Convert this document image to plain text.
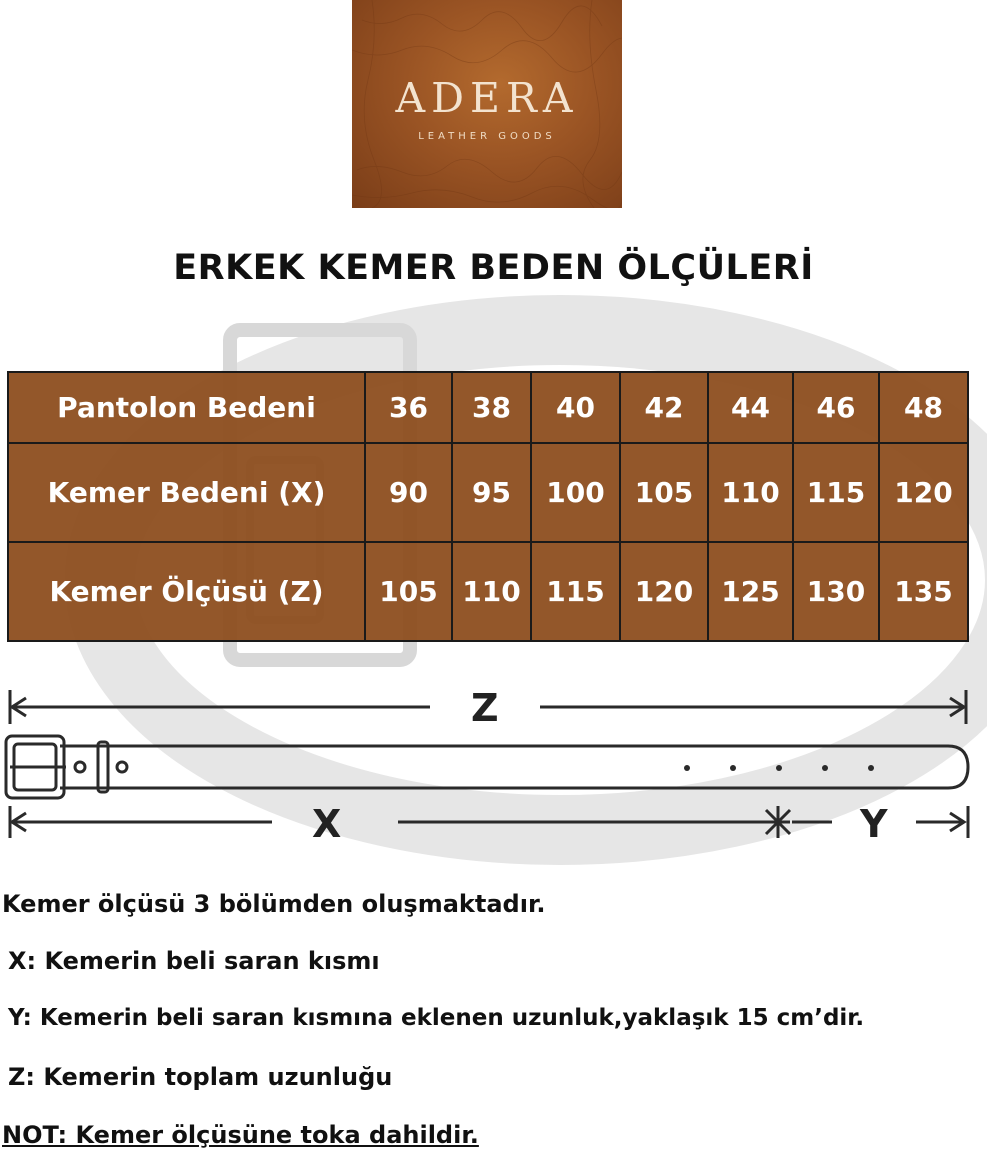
ADERA
LEATHER GOODS
ERKEK KEMER BEDEN ÖLÇÜLERİ
Pantolon Bedeni	36	38	40	42	44	46	48
Kemer Bedeni (X)	90	95	100	105	110	115	120
Kemer Ölçüsü (Z)	105	110	115	120	125	130	135
Z
X	Y
Kemer ölçüsü 3 bölümden oluşmaktadır.
X: Kemerin beli saran kısmı
Y: Kemerin beli saran kısmına eklenen uzunluk,yaklaşık 15 cm’dir.
Z: Kemerin toplam uzunluğu
NOT: Kemer ölçüsüne toka dahildir.
